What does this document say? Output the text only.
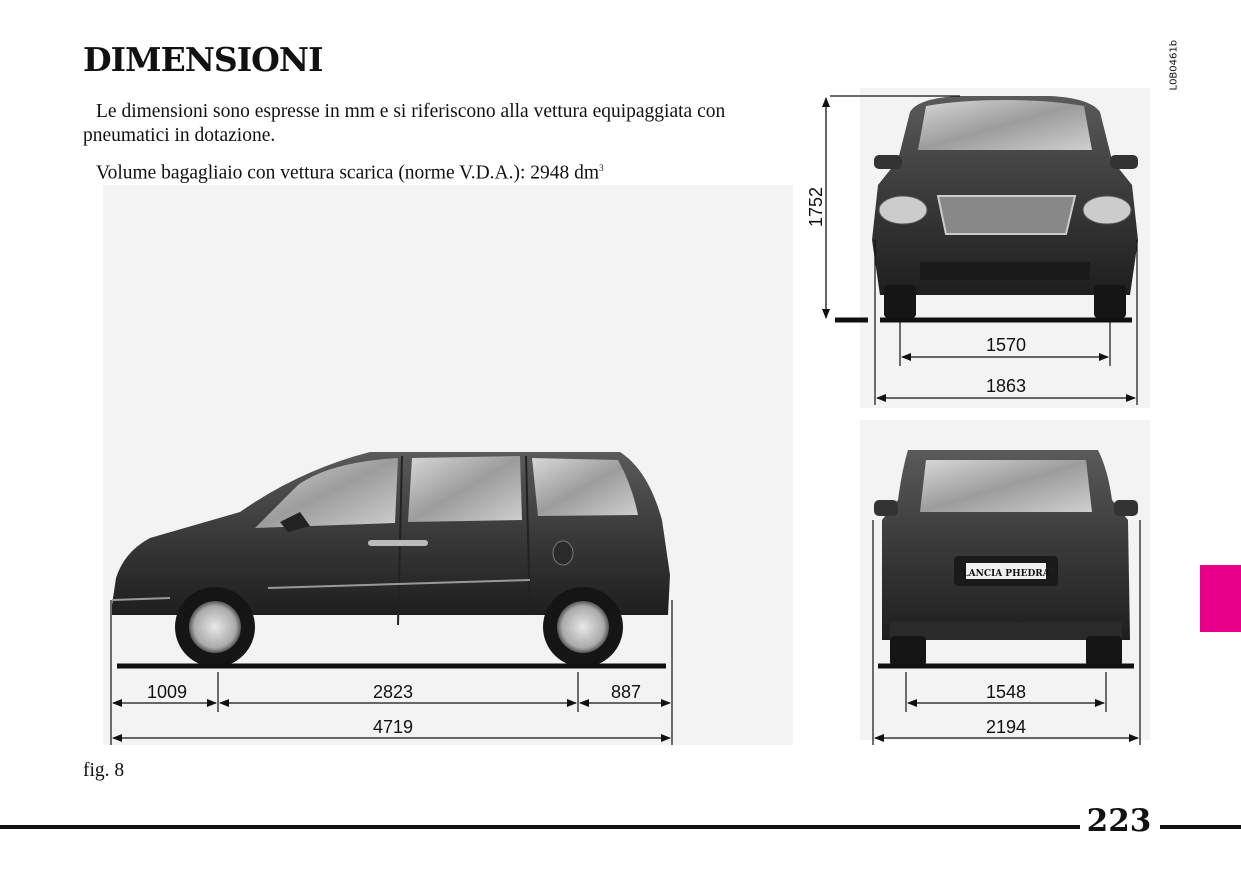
DIMENSIONI

Le dimensioni sono espresse in mm e si riferiscono alla vettura equipaggiata con pneumatici in dotazione.

Volume bagagliaio con vettura scarica (norme V.D.A.): 2948 $dm^3$

L0B0461b
1009	2823	887
4719
1752
1570
1863
LANCIA PHEDRA
1548
2194

fig. 8

223
